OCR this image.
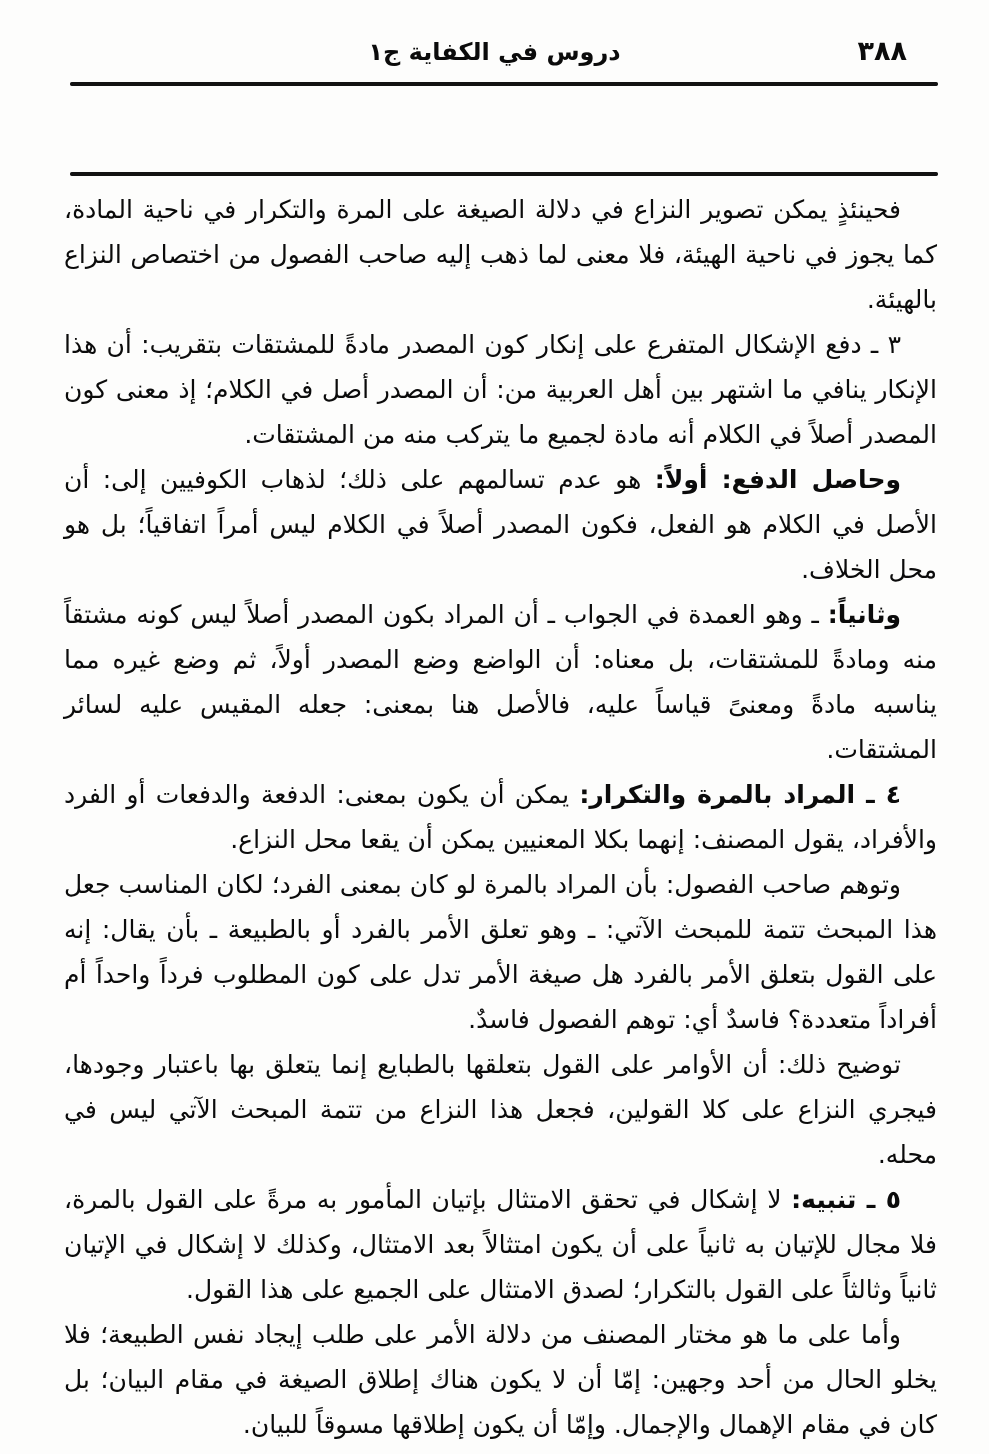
٣٨٨
دروس في الكفاية ج١

فحينئذٍ يمكن تصوير النزاع في دلالة الصيغة على المرة والتكرار في ناحية المادة، كما يجوز في ناحية الهيئة، فلا معنى لما ذهب إليه صاحب الفصول من اختصاص النزاع بالهيئة.

٣ ـ دفع الإشكال المتفرع على إنكار كون المصدر مادةً للمشتقات بتقريب: أن هذا الإنكار ينافي ما اشتهر بين أهل العربية من: أن المصدر أصل في الكلام؛ إذ معنى كون المصدر أصلاً في الكلام أنه مادة لجميع ما يتركب منه من المشتقات.

وحاصل الدفع: أولاً: هو عدم تسالمهم على ذلك؛ لذهاب الكوفيين إلى: أن الأصل في الكلام هو الفعل، فكون المصدر أصلاً في الكلام ليس أمراً اتفاقياً؛ بل هو محل الخلاف.

وثانياً: ـ وهو العمدة في الجواب ـ أن المراد بكون المصدر أصلاً ليس كونه مشتقاً منه ومادةً للمشتقات، بل معناه: أن الواضع وضع المصدر أولاً، ثم وضع غيره مما يناسبه مادةً ومعنىً قياساً عليه، فالأصل هنا بمعنى: جعله المقيس عليه لسائر المشتقات.

٤ ـ المراد بالمرة والتكرار: يمكن أن يكون بمعنى: الدفعة والدفعات أو الفرد والأفراد، يقول المصنف: إنهما بكلا المعنيين يمكن أن يقعا محل النزاع.

وتوهم صاحب الفصول: بأن المراد بالمرة لو كان بمعنى الفرد؛ لكان المناسب جعل هذا المبحث تتمة للمبحث الآتي: ـ وهو تعلق الأمر بالفرد أو بالطبيعة ـ بأن يقال: إنه على القول بتعلق الأمر بالفرد هل صيغة الأمر تدل على كون المطلوب فرداً واحداً أم أفراداً متعددة؟ فاسدٌ أي: توهم الفصول فاسدٌ.

توضيح ذلك: أن الأوامر على القول بتعلقها بالطبايع إنما يتعلق بها باعتبار وجودها، فيجري النزاع على كلا القولين، فجعل هذا النزاع من تتمة المبحث الآتي ليس في محله.

٥ ـ تنبيه: لا إشكال في تحقق الامتثال بإتيان المأمور به مرةً على القول بالمرة، فلا مجال للإتيان به ثانياً على أن يكون امتثالاً بعد الامتثال، وكذلك لا إشكال في الإتيان ثانياً وثالثاً على القول بالتكرار؛ لصدق الامتثال على الجميع على هذا القول.

وأما على ما هو مختار المصنف من دلالة الأمر على طلب إيجاد نفس الطبيعة؛ فلا يخلو الحال من أحد وجهين: إمّا أن لا يكون هناك إطلاق الصيغة في مقام البيان؛ بل كان في مقام الإهمال والإجمال. وإمّا أن يكون إطلاقها مسوقاً للبيان.
